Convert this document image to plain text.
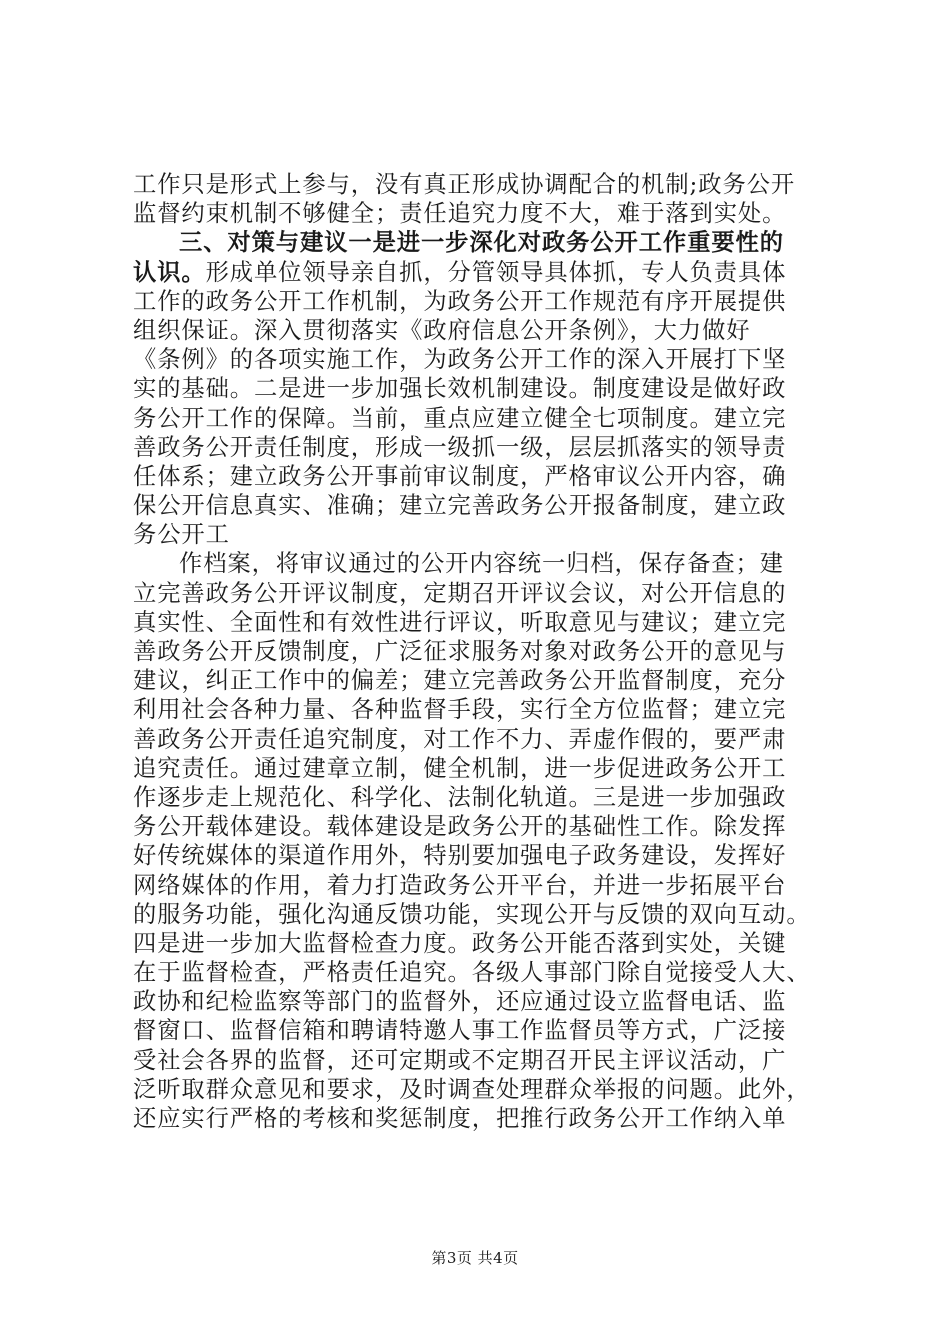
工作只是形式上参与，没有真正形成协调配合的机制;政务公开
监督约束机制不够健全；责任追究力度不大，难于落到实处。
三、对策与建议一是进一步深化对政务公开工作重要性的
认识。形成单位领导亲自抓，分管领导具体抓，专人负责具体
工作的政务公开工作机制，为政务公开工作规范有序开展提供
组织保证。深入贯彻落实《政府信息公开条例》，大力做好
《条例》的各项实施工作，为政务公开工作的深入开展打下坚
实的基础。二是进一步加强长效机制建设。制度建设是做好政
务公开工作的保障。当前，重点应建立健全七项制度。建立完
善政务公开责任制度，形成一级抓一级，层层抓落实的领导责
任体系；建立政务公开事前审议制度，严格审议公开内容，确
保公开信息真实、准确；建立完善政务公开报备制度，建立政
务公开工
作档案，将审议通过的公开内容统一归档，保存备查；建
立完善政务公开评议制度，定期召开评议会议，对公开信息的
真实性、全面性和有效性进行评议，听取意见与建议；建立完
善政务公开反馈制度，广泛征求服务对象对政务公开的意见与
建议，纠正工作中的偏差；建立完善政务公开监督制度，充分
利用社会各种力量、各种监督手段，实行全方位监督；建立完
善政务公开责任追究制度，对工作不力、弄虚作假的，要严肃
追究责任。通过建章立制，健全机制，进一步促进政务公开工
作逐步走上规范化、科学化、法制化轨道。三是进一步加强政
务公开载体建设。载体建设是政务公开的基础性工作。除发挥
好传统媒体的渠道作用外，特别要加强电子政务建设，发挥好
网络媒体的作用，着力打造政务公开平台，并进一步拓展平台
的服务功能，强化沟通反馈功能，实现公开与反馈的双向互动。
四是进一步加大监督检查力度。政务公开能否落到实处，关键
在于监督检查，严格责任追究。各级人事部门除自觉接受人大、
政协和纪检监察等部门的监督外，还应通过设立监督电话、监
督窗口、监督信箱和聘请特邀人事工作监督员等方式，广泛接
受社会各界的监督，还可定期或不定期召开民主评议活动，广
泛听取群众意见和要求，及时调查处理群众举报的问题。此外，
还应实行严格的考核和奖惩制度，把推行政务公开工作纳入单
第3页 共4页
